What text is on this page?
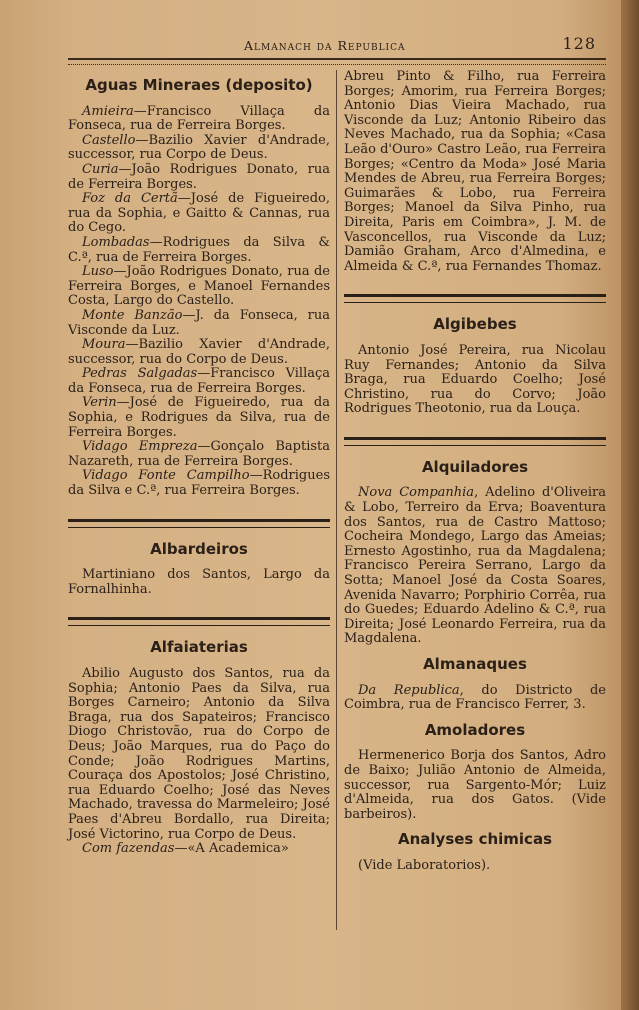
Almanach da Republica	128
Aguas Mineraes (deposito)

Amieira—Francisco Villaça da Fonseca, rua de Ferreira Borges.

Castello—Bazilio Xavier d'Andrade, successor, rua Corpo de Deus.

Curia—João Rodrigues Donato, rua de Ferreira Borges.

Foz da Certã—José de Figueiredo, rua da Sophia, e Gaitto & Cannas, rua do Cego.

Lombadas—Rodrigues da Silva & C.ª, rua de Ferreira Borges.

Luso—João Rodrigues Donato, rua de Ferreira Borges, e Manoel Fernandes Costa, Largo do Castello.

Monte Banzão—J. da Fonseca, rua Visconde da Luz.

Moura—Bazilio Xavier d'Andrade, successor, rua do Corpo de Deus.

Pedras Salgadas—Francisco Villaça da Fonseca, rua de Ferreira Borges.

Verin—José de Figueiredo, rua da Sophia, e Rodrigues da Silva, rua de Ferreira Borges.

Vidago Empreza—Gonçalo Baptista Nazareth, rua de Ferreira Borges.

Vidago Fonte Campilho—Rodrigues da Silva e C.ª, rua Ferreira Borges.

Albardeiros

Martiniano dos Santos, Largo da Fornalhinha.

Alfaiaterias

Abilio Augusto dos Santos, rua da Sophia; Antonio Paes da Silva, rua Borges Carneiro; Antonio da Silva Braga, rua dos Sapateiros; Francisco Diogo Christovão, rua do Corpo de Deus; João Marques, rua do Paço do Conde; João Rodrigues Martins, Couraça dos Apostolos; José Christino, rua Eduardo Coelho; José das Neves Machado, travessa do Marmeleiro; José Paes d'Abreu Bordallo, rua Direita; José Victorino, rua Corpo de Deus.

Com fazendas—«A Academica»

Abreu Pinto & Filho, rua Ferreira Borges; Amorim, rua Ferreira Borges; Antonio Dias Vieira Machado, rua Visconde da Luz; Antonio Ribeiro das Neves Machado, rua da Sophia; «Casa Leão d'Ouro» Castro Leão, rua Ferreira Borges; «Centro da Moda» José Maria Mendes de Abreu, rua Ferreira Borges; Guimarães & Lobo, rua Ferreira Borges; Manoel da Silva Pinho, rua Direita, Paris em Coimbra», J. M. de Vasconcellos, rua Visconde da Luz; Damião Graham, Arco d'Almedina, e Almeida & C.ª, rua Fernandes Thomaz.

Algibebes

Antonio José Pereira, rua Nicolau Ruy Fernandes; Antonio da Silva Braga, rua Eduardo Coelho; José Christino, rua do Corvo; João Rodrigues Theotonio, rua da Louça.

Alquiladores

Nova Companhia, Adelino d'Oliveira & Lobo, Terreiro da Erva; Boaventura dos Santos, rua de Castro Mattoso; Cocheira Mondego, Largo das Ameias; Ernesto Agostinho, rua da Magdalena; Francisco Pereira Serrano, Largo da Sotta; Manoel José da Costa Soares, Avenida Navarro; Porphirio Corrêa, rua do Guedes; Eduardo Adelino & C.ª, rua Direita; José Leonardo Ferreira, rua da Magdalena.

Almanaques

Da Republica, do Districto de Coimbra, rua de Francisco Ferrer, 3.

Amoladores

Hermenerico Borja dos Santos, Adro de Baixo; Julião Antonio de Almeida, successor, rua Sargento-Mór; Luiz d'Almeida, rua dos Gatos. (Vide barbeiros).

Analyses chimicas

(Vide Laboratorios).
